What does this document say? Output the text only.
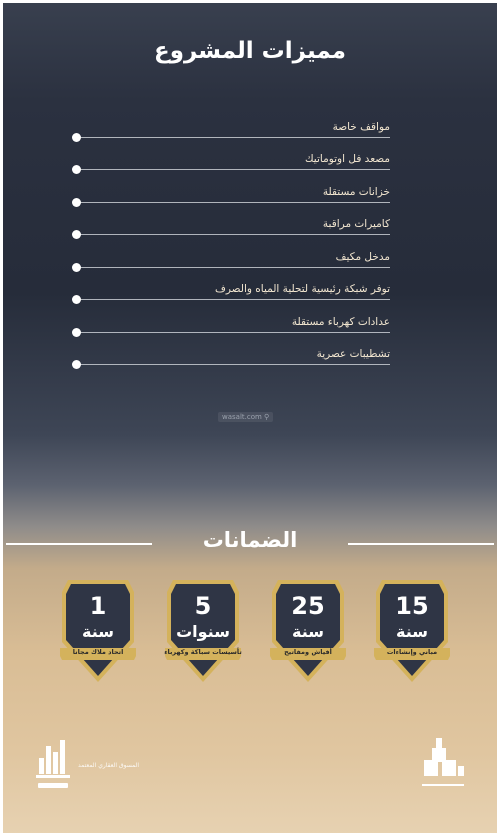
مميزات المشروع
مواقف خاصة
مصعد فل اوتوماتيك
خزانات مستقلة
كاميرات مراقبة
مدخل مكيف
توفر شبكة رئيسية لتحلية المياه والصرف
عدادات كهرباء مستقلة
تشطيبات عصرية
wasalt.com ⚲
الضمانات
1
سنة
اتحاد ملاك مجانا
5
سنوات
تأسيسات سباكة وكهرباء
25
سنة
أفياش ومفاتيح
15
سنة
مباني وإنشاءات
المسوق العقاري المعتمد
